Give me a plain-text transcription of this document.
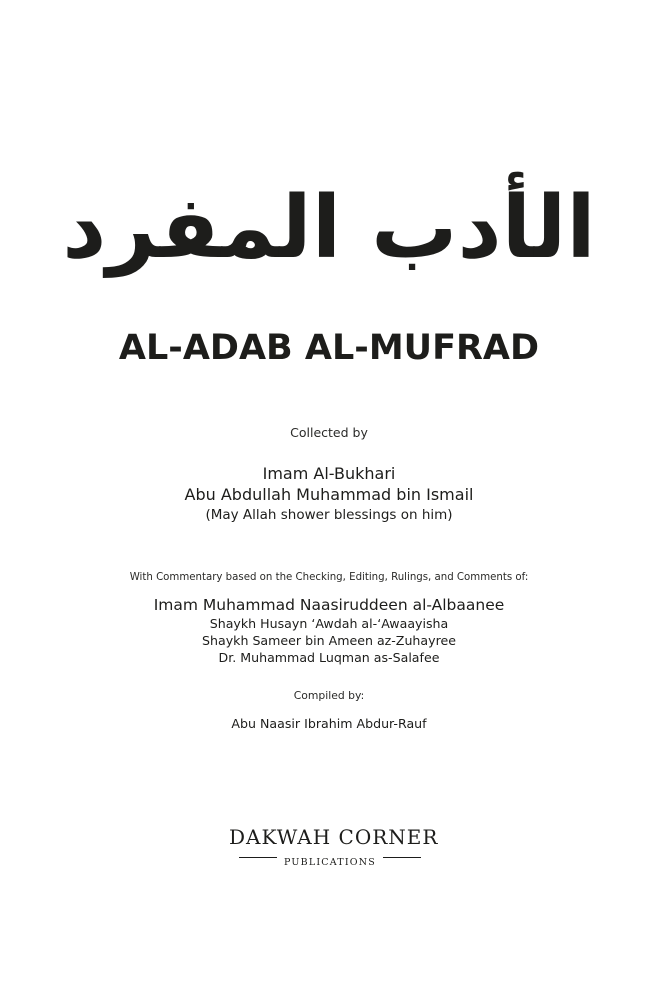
الأدب المفرد
AL-ADAB AL-MUFRAD
Collected by
Imam Al-Bukhari
Abu Abdullah Muhammad bin Ismail
(May Allah shower blessings on him)
With Commentary based on the Checking, Editing, Rulings, and Comments of:
Imam Muhammad Naasiruddeen al-Albaanee
Shaykh Husayn ‘Awdah al-‘Awaayisha
Shaykh Sameer bin Ameen az-Zuhayree
Dr. Muhammad Luqman as-Salafee
Compiled by:
Abu Naasir Ibrahim Abdur-Rauf
DAKWAH CORNER
PUBLICATIONS
